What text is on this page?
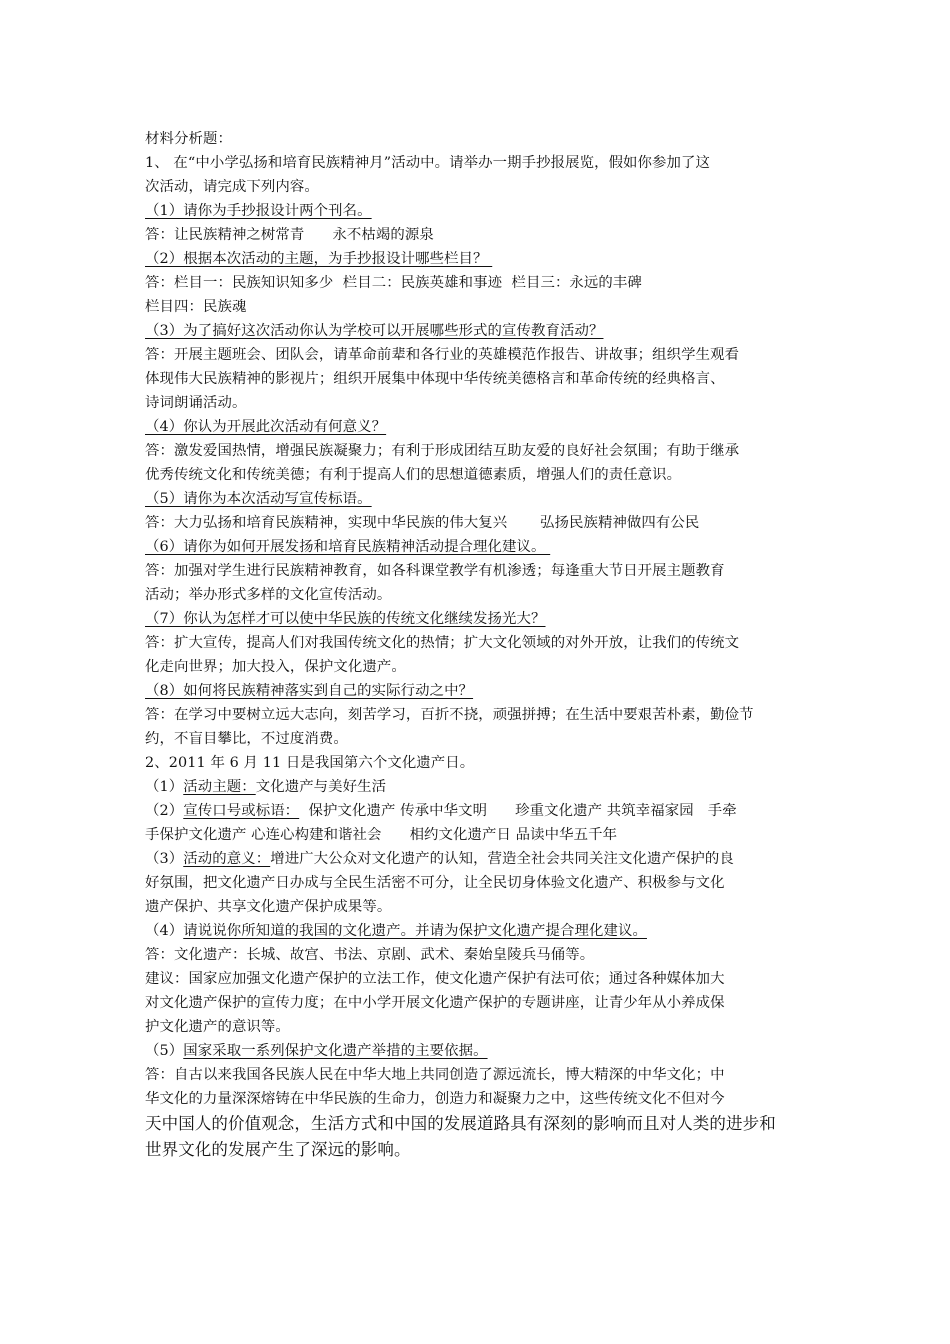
材料分析题：
1、 在“中小学弘扬和培育民族精神月”活动中。请举办一期手抄报展览，假如你参加了这
次活动，请完成下列内容。
（1）请你为手抄报设计两个刊名。
答：让民族精神之树常青      永不枯竭的源泉
（2）根据本次活动的主题，为手抄报设计哪些栏目？
答：栏目一：民族知识知多少  栏目二：民族英雄和事迹  栏目三：永远的丰碑
栏目四：民族魂
（3）为了搞好这次活动你认为学校可以开展哪些形式的宣传教育活动？
答：开展主题班会、团队会，请革命前辈和各行业的英雄模范作报告、讲故事；组织学生观看
体现伟大民族精神的影视片；组织开展集中体现中华传统美德格言和革命传统的经典格言、
诗词朗诵活动。
（4）你认为开展此次活动有何意义？
答：激发爱国热情，增强民族凝聚力；有利于形成团结互助友爱的良好社会氛围；有助于继承
优秀传统文化和传统美德；有利于提高人们的思想道德素质，增强人们的责任意识。
（5）请你为本次活动写宣传标语。
答：大力弘扬和培育民族精神，实现中华民族的伟大复兴       弘扬民族精神做四有公民
（6）请你为如何开展发扬和培育民族精神活动提合理化建议。
答：加强对学生进行民族精神教育，如各科课堂教学有机渗透；每逢重大节日开展主题教育
活动；举办形式多样的文化宣传活动。
（7）你认为怎样才可以使中华民族的传统文化继续发扬光大？
答：扩大宣传，提高人们对我国传统文化的热情；扩大文化领域的对外开放，让我们的传统文
化走向世界；加大投入，保护文化遗产。
（8）如何将民族精神落实到自己的实际行动之中？
答：在学习中要树立远大志向，刻苦学习，百折不挠，顽强拼搏；在生活中要艰苦朴素，勤俭节
约，不盲目攀比，不过度消费。
2、2011 年 6 月 11 日是我国第六个文化遗产日。
（1）活动主题：文化遗产与美好生活
（2）宣传口号或标语：  保护文化遗产 传承中华文明      珍重文化遗产 共筑幸福家园   手牵
手保护文化遗产 心连心构建和谐社会      相约文化遗产日 品读中华五千年
（3）活动的意义：增进广大公众对文化遗产的认知，营造全社会共同关注文化遗产保护的良
好氛围，把文化遗产日办成与全民生活密不可分，让全民切身体验文化遗产、积极参与文化
遗产保护、共享文化遗产保护成果等。
（4）请说说你所知道的我国的文化遗产。并请为保护文化遗产提合理化建议。
答：文化遗产：长城、故宫、书法、京剧、武术、秦始皇陵兵马俑等。
建议：国家应加强文化遗产保护的立法工作，使文化遗产保护有法可依；通过各种媒体加大
对文化遗产保护的宣传力度；在中小学开展文化遗产保护的专题讲座，让青少年从小养成保
护文化遗产的意识等。
（5）国家采取一系列保护文化遗产举措的主要依据。
答：自古以来我国各民族人民在中华大地上共同创造了源远流长，博大精深的中华文化；中
华文化的力量深深熔铸在中华民族的生命力，创造力和凝聚力之中，这些传统文化不但对今
天中国人的价值观念，生活方式和中国的发展道路具有深刻的影响而且对人类的进步和
世界文化的发展产生了深远的影响。
